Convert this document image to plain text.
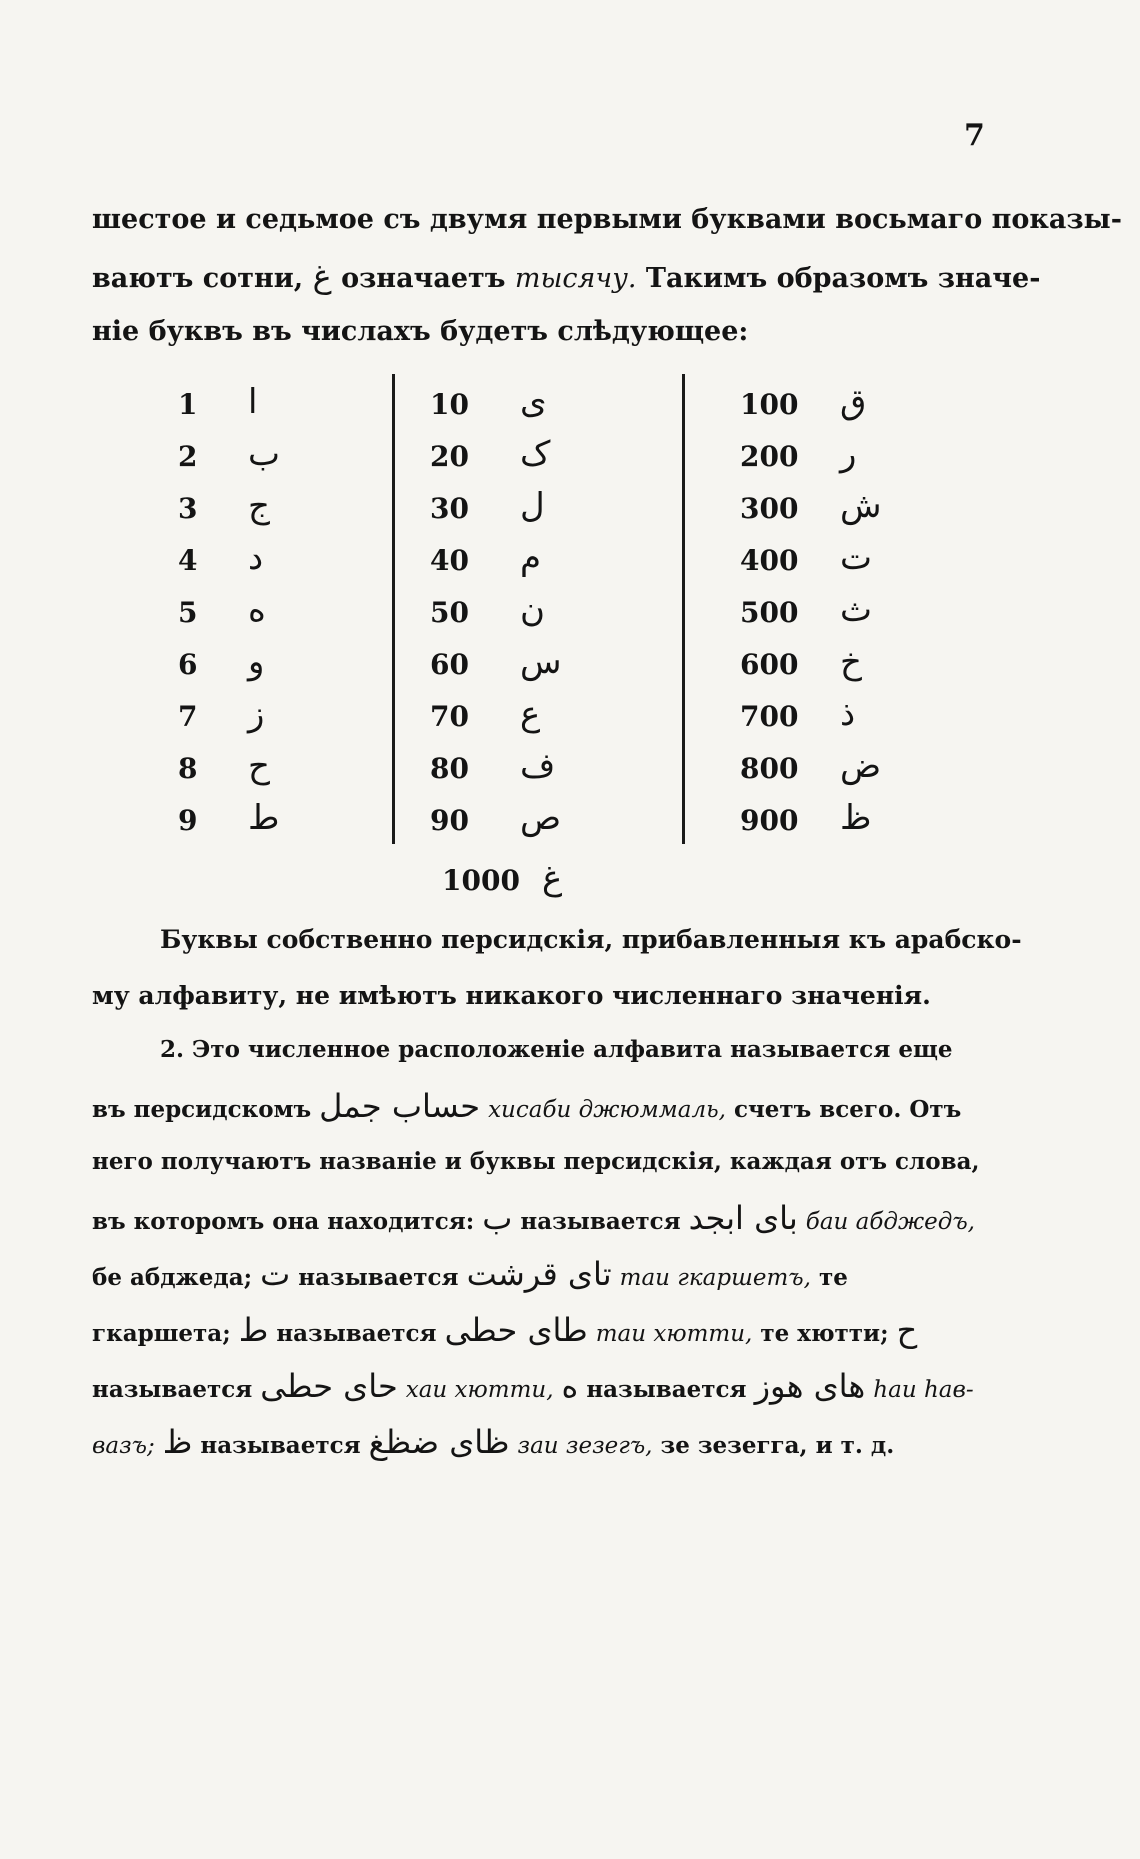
7
шестое и седьмое съ двумя первыми буквами восьмаго показы-
ваютъ сотни, غ означаетъ тысячу. Такимъ образомъ значе-
ніе буквъ въ числахъ будетъ слѣдующее:
1 ا
2 ب
3 ج
4 د
5 ه
6 و
7 ز
8 ح
9 ط
10 ى
20 ک
30 ل
40 م
50 ن
60 س
70 ع
80 ف
90 ص
100 ق
200 ر
300 ش
400 ت
500 ث
600 خ
700 ذ
800 ض
900 ظ
1000 غ
Буквы собственно персидскія, прибавленныя къ арабско-
му алфавиту, не имѣютъ никакого численнаго значенія.
2. Это численное расположеніе алфавита называется еще
въ персидскомъ حساب جمل хисаби джюммаль, счетъ всего. Отъ
него получаютъ названіе и буквы персидскія, каждая отъ слова,
въ которомъ она находится: ب называется بای ابجد баи абджедъ,
бе абджеда; ت называется تای قرشت таи гкаршетъ, те
гкаршета; ط называется طای حطی таи хютти, те хютти; ح
называется حای حطی хаи хютти, ه называется های هوز hau hав-
вазъ; ظ называется ظای ضظغ заи зезегъ, зе зезегга, и т. д.
